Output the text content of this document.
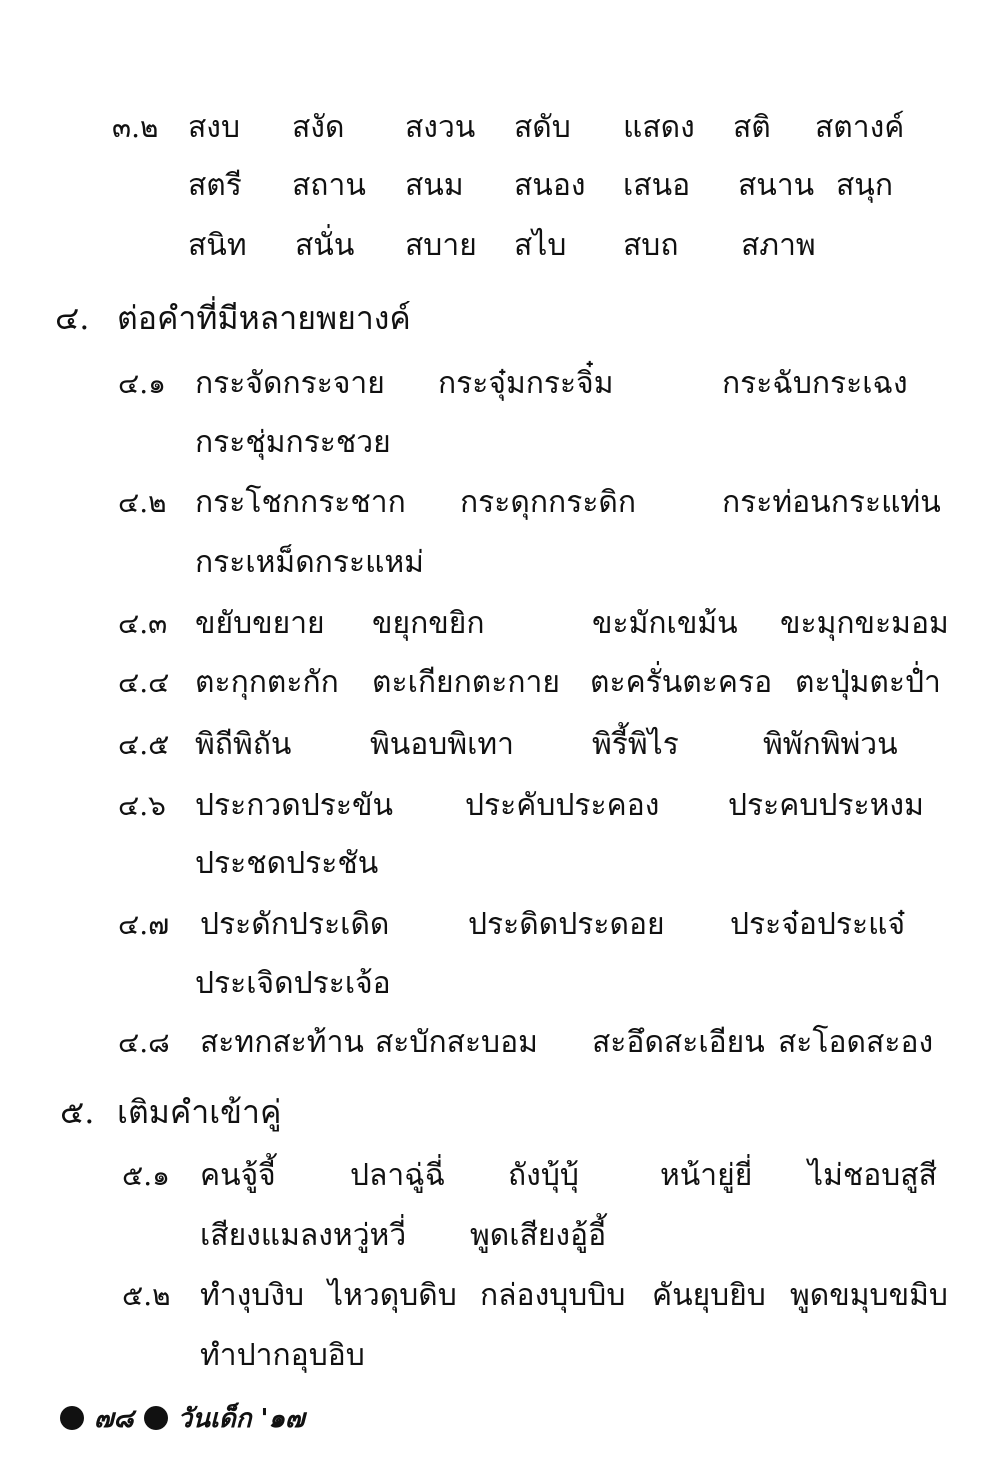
๓.๒ สงบ สงัด สงวน สดับ แสดง สติ สตางค์
สตรี สถาน สนม สนอง เสนอ สนาน สนุก
สนิท สนั่น สบาย สไบ สบถ สภาพ
๔. ต่อคำที่มีหลายพยางค์
๔.๑ กระจัดกระจาย กระจุ๋มกระจิ๋ม	กระฉับกระเฉง
กระชุ่มกระชวย
๔.๒ กระโชกกระชาก กระดุกกระดิก	กระท่อนกระแท่น
กระเหม็ดกระแหม่
๔.๓ ขยับขยาย ขยุกขยิก	ขะมักเขม้น ขะมุกขะมอม
๔.๔ ตะกุกตะกัก ตะเกียกตะกาย ตะครั่นตะครอ ตะปุ่มตะป่ำ
๔.๕ พิถีพิถัน	พินอบพิเทา	พิรี้พิไร	พิพักพิพ่วน
๔.๖ ประกวดประขัน ประคับประคอง ประคบประหงม
ประชดประชัน
๔.๗ ประดักประเดิด	ประดิดประดอย ประจ๋อประแจ๋
ประเจิดประเจ้อ
๔.๘ สะทกสะท้าน สะบักสะบอม สะอึดสะเอียน สะโอดสะอง
๕. เติมคำเข้าคู่
๕.๑ คนจู้จี้ ปลาฉู่ฉี่ ถังบุ้บุ้	หน้ายู่ยี่ ไม่ชอบสูสี
เสียงแมลงหวู่หวี่ พูดเสียงอู้อี้
๕.๒ ทำงุบงิบ ไหวดุบดิบ กล่องบุบบิบ คันยุบยิบ พูดขมุบขมิบ
ทำปากอุบอิบ
๗๘ วันเด็ก '๑๗
